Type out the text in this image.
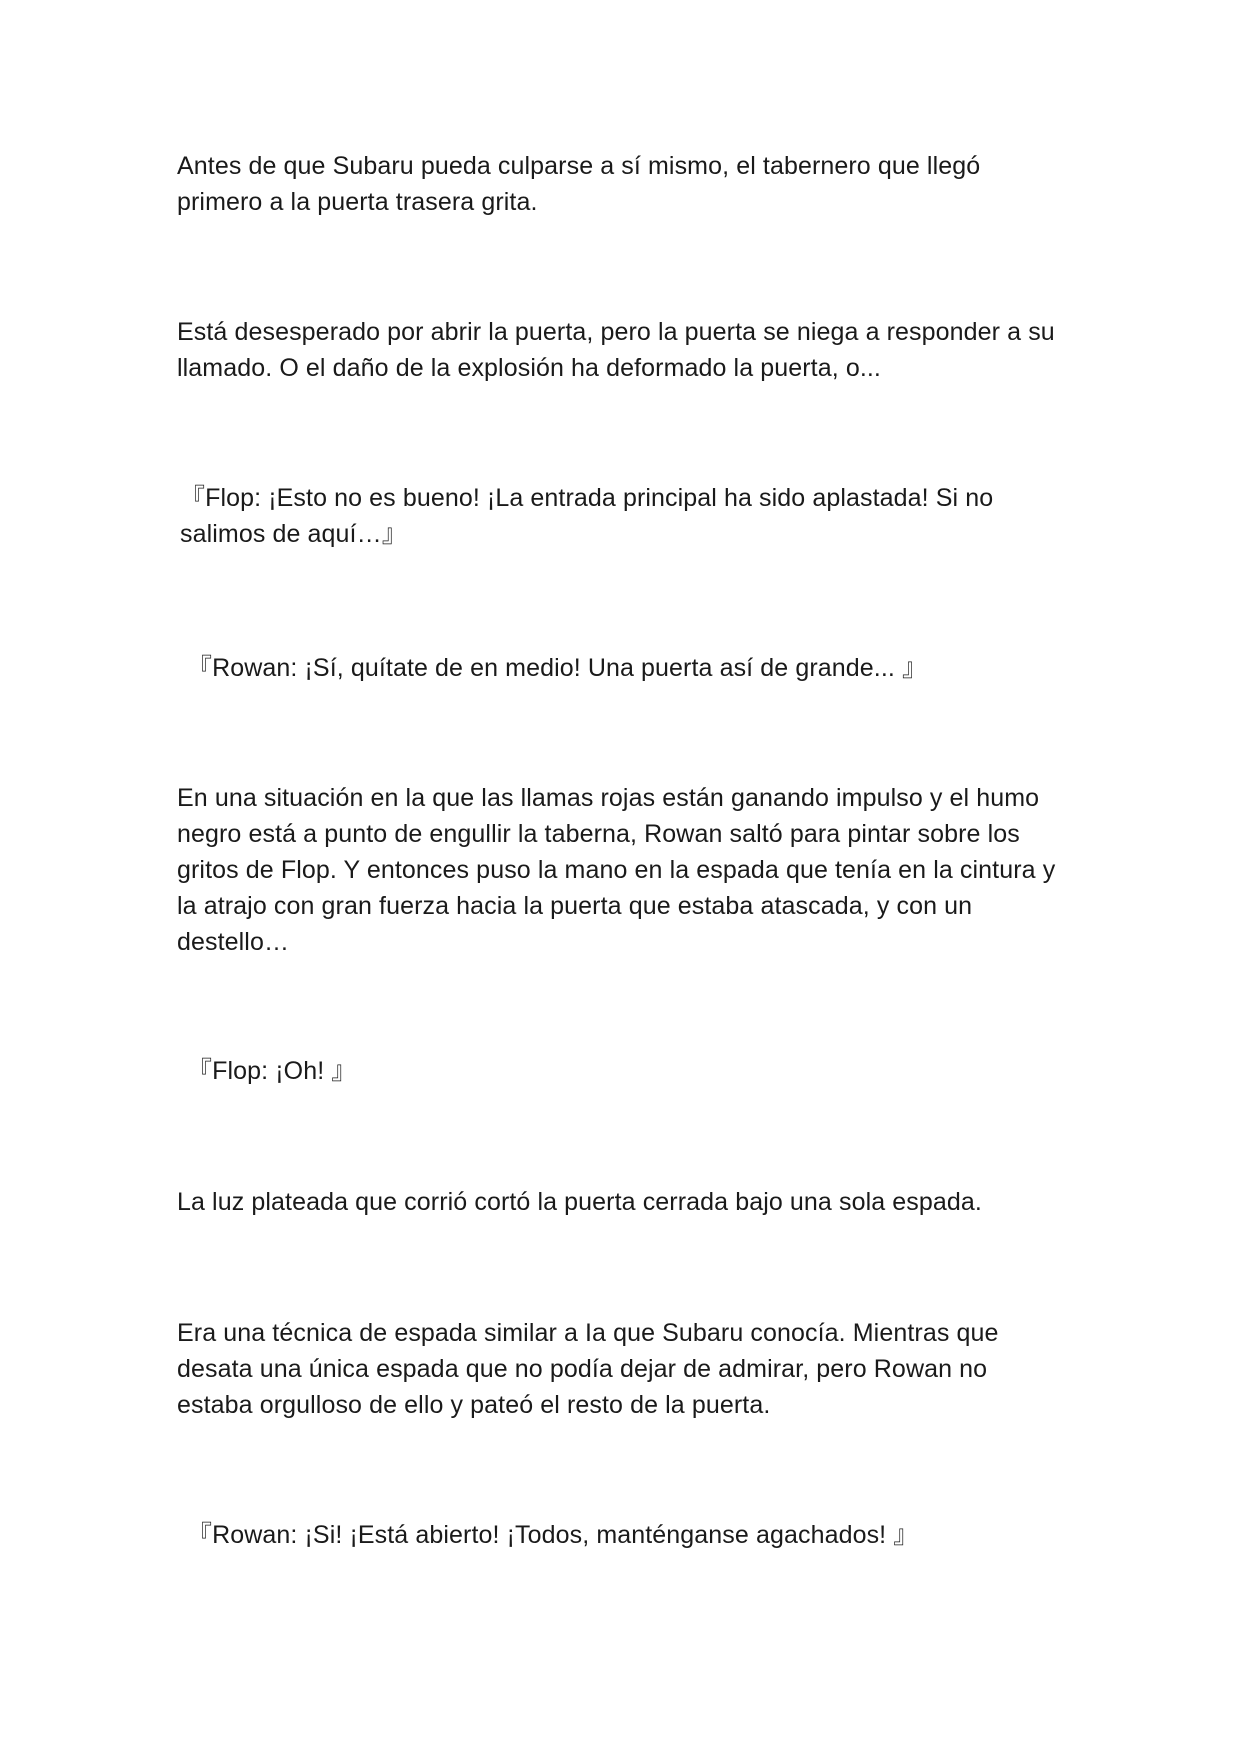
Antes de que Subaru pueda culparse a sí mismo, el tabernero que llegó primero a la puerta trasera grita.

Está desesperado por abrir la puerta, pero la puerta se niega a responder a su llamado. O el daño de la explosión ha deformado la puerta, o...

『Flop: ¡Esto no es bueno! ¡La entrada principal ha sido aplastada! Si no salimos de aquí…』

『Rowan: ¡Sí, quítate de en medio! Una puerta así de grande... 』

En una situación en la que las llamas rojas están ganando impulso y el humo negro está a punto de engullir la taberna, Rowan saltó para pintar sobre los gritos de Flop. Y entonces puso la mano en la espada que tenía en la cintura y la atrajo con gran fuerza hacia la puerta que estaba atascada, y con un destello…

『Flop: ¡Oh! 』

La luz plateada que corrió cortó la puerta cerrada bajo una sola espada.

Era una técnica de espada similar a Ia que Subaru conocía. Mientras que desata una única espada que no podía dejar de admirar, pero Rowan no estaba orgulloso de ello y pateó el resto de la puerta.

『Rowan: ¡Si! ¡Está abierto! ¡Todos, manténganse agachados! 』
